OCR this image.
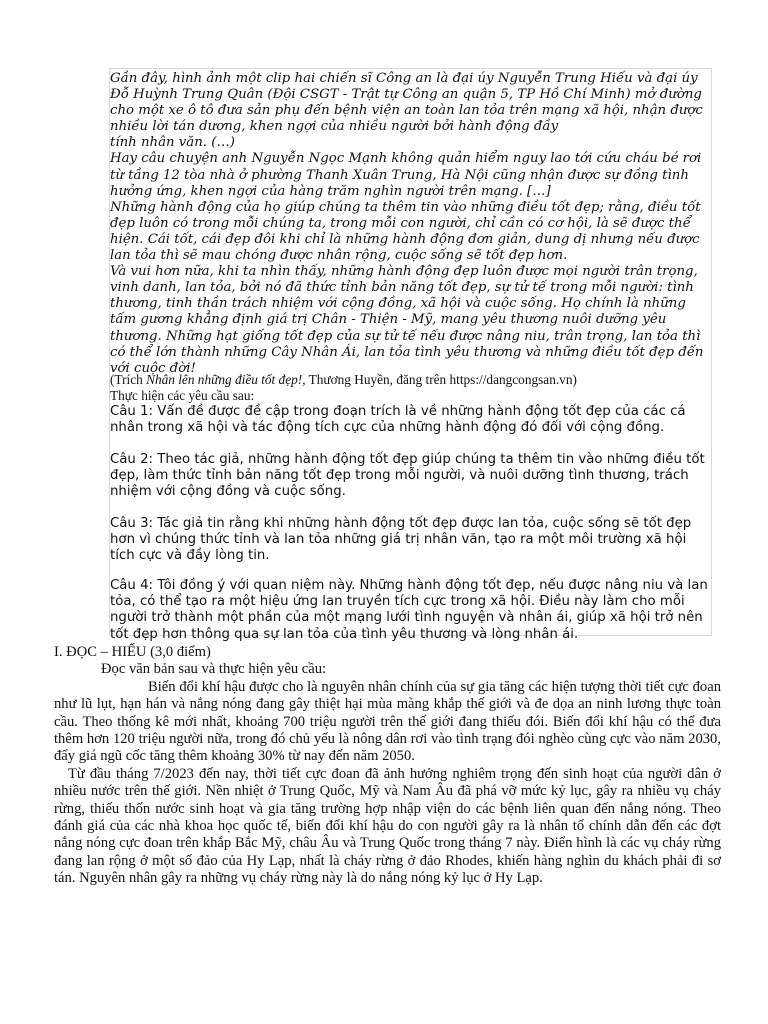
Gần đây, hình ảnh một clip hai chiến sĩ Công an là đại úy Nguyễn Trung Hiếu và đại úy Đỗ Huỳnh Trung Quân (Đội CSGT - Trật tự Công an quận 5, TP Hồ Chí Minh) mở đường cho một xe ô tô đưa sản phụ đến bệnh viện an toàn lan tỏa trên mạng xã hội, nhận được nhiều lời tán dương, khen ngợi của nhiều người bởi hành động đầy

tính nhân văn. (…)

Hay câu chuyện anh Nguyễn Ngọc Mạnh không quản hiểm nguy lao tới cứu cháu bé rơi từ tầng 12 tòa nhà ở phường Thanh Xuân Trung, Hà Nội cũng nhận được sự đồng tình hưởng ứng, khen ngợi của hàng trăm nghìn người trên mạng. […]

Những hành động của họ giúp chúng ta thêm tin vào những điều tốt đẹp; rằng, điều tốt đẹp luôn có trong mỗi chúng ta, trong mỗi con người, chỉ cần có cơ hội, là sẽ được thể hiện. Cái tốt, cái đẹp đôi khi chỉ là những hành động đơn giản, dung dị nhưng nếu được lan tỏa thì sẽ mau chóng được nhân rộng, cuộc sống sẽ tốt đẹp hơn.

Và vui hơn nữa, khi ta nhìn thấy, những hành động đẹp luôn được mọi người trân trọng, vinh danh, lan tỏa, bởi nó đã thức tỉnh bản năng tốt đẹp, sự tử tế trong mỗi người: tình thương, tinh thần trách nhiệm với cộng đồng, xã hội và cuộc sống. Họ chính là những tấm gương khẳng định giá trị Chân - Thiện - Mỹ, mang yêu thương nuôi dưỡng yêu thương. Những hạt giống tốt đẹp của sự tử tế nếu được nâng niu, trân trọng, lan tỏa thì có thể lớn thành những Cây Nhân Ái, lan tỏa tình yêu thương và những điều tốt đẹp đến với cuộc đời!

(Trích Nhân lên những điều tốt đẹp!, Thương Huyền, đăng trên https://dangcongsan.vn)

Thực hiện các yêu cầu sau:

Câu 1: Vấn đề được đề cập trong đoạn trích là về những hành động tốt đẹp của các cá nhân trong xã hội và tác động tích cực của những hành động đó đối với cộng đồng.

Câu 2: Theo tác giả, những hành động tốt đẹp giúp chúng ta thêm tin vào những điều tốt đẹp, làm thức tỉnh bản năng tốt đẹp trong mỗi người, và nuôi dưỡng tình thương, trách nhiệm với cộng đồng và cuộc sống.

Câu 3: Tác giả tin rằng khi những hành động tốt đẹp được lan tỏa, cuộc sống sẽ tốt đẹp hơn vì chúng thức tỉnh và lan tỏa những giá trị nhân văn, tạo ra một môi trường xã hội tích cực và đầy lòng tin.

Câu 4: Tôi đồng ý với quan niệm này. Những hành động tốt đẹp, nếu được nâng niu và lan tỏa, có thể tạo ra một hiệu ứng lan truyền tích cực trong xã hội. Điều này làm cho mỗi người trở thành một phần của một mạng lưới tình nguyện và nhân ái, giúp xã hội trở nên tốt đẹp hơn thông qua sự lan tỏa của tình yêu thương và lòng nhân ái.

I. ĐỌC – HIỂU (3,0 điểm)

Đọc văn bản sau và thực hiện yêu cầu:

Biến đổi khí hậu được cho là nguyên nhân chính của sự gia tăng các hiện tượng thời tiết cực đoan như lũ lụt, hạn hán và nắng nóng đang gây thiệt hại mùa màng khắp thế giới và đe dọa an ninh lương thực toàn cầu. Theo thống kê mới nhất, khoảng 700 triệu người trên thế giới đang thiếu đói. Biến đổi khí hậu có thể đưa thêm hơn 120 triệu người nữa, trong đó chủ yếu là nông dân rơi vào tình trạng đói nghèo cùng cực vào năm 2030, đẩy giá ngũ cốc tăng thêm khoảng 30% từ nay đến năm 2050.

Từ đầu tháng 7/2023 đến nay, thời tiết cực đoan đã ảnh hưởng nghiêm trọng đến sinh hoạt của người dân ở nhiều nước trên thế giới. Nền nhiệt ở Trung Quốc, Mỹ và Nam Âu đã phá vỡ mức kỷ lục, gây ra nhiều vụ cháy rừng, thiếu thốn nước sinh hoạt và gia tăng trường hợp nhập viện do các bệnh liên quan đến nắng nóng. Theo đánh giá của các nhà khoa học quốc tế, biến đổi khí hậu do con người gây ra là nhân tố chính dẫn đến các đợt nắng nóng cực đoan trên khắp Bắc Mỹ, châu Âu và Trung Quốc trong tháng 7 này. Điển hình là các vụ cháy rừng đang lan rộng ở một số đảo của Hy Lạp, nhất là cháy rừng ở đảo Rhodes, khiến hàng nghìn du khách phải đi sơ tán. Nguyên nhân gây ra những vụ cháy rừng này là do nắng nóng kỷ lục ở Hy Lạp.
